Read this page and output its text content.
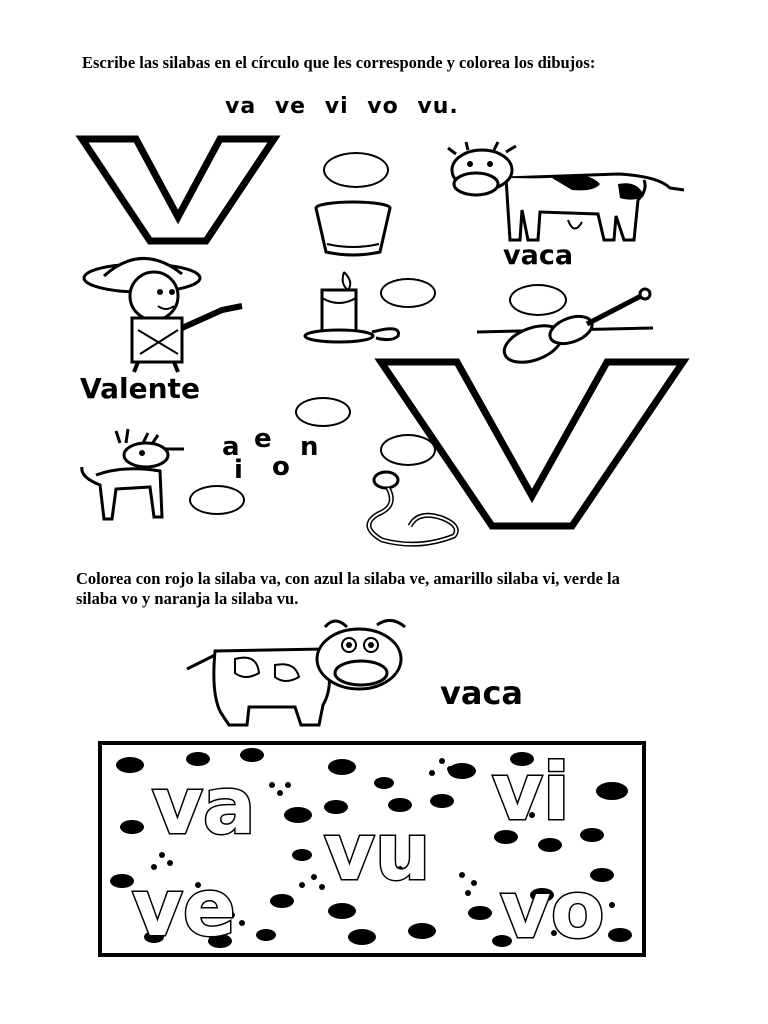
Escribe las silabas en el círculo que les corresponde y colorea los dibujos:
va ve vi vo vu.
vaca
Valente
a e
i o
u
Colorea con rojo la silaba va, con azul la silaba ve, amarillo silaba vi, verde la
silaba vo y naranja la silaba vu.
vaca
va	vi
vu
ve	vo
